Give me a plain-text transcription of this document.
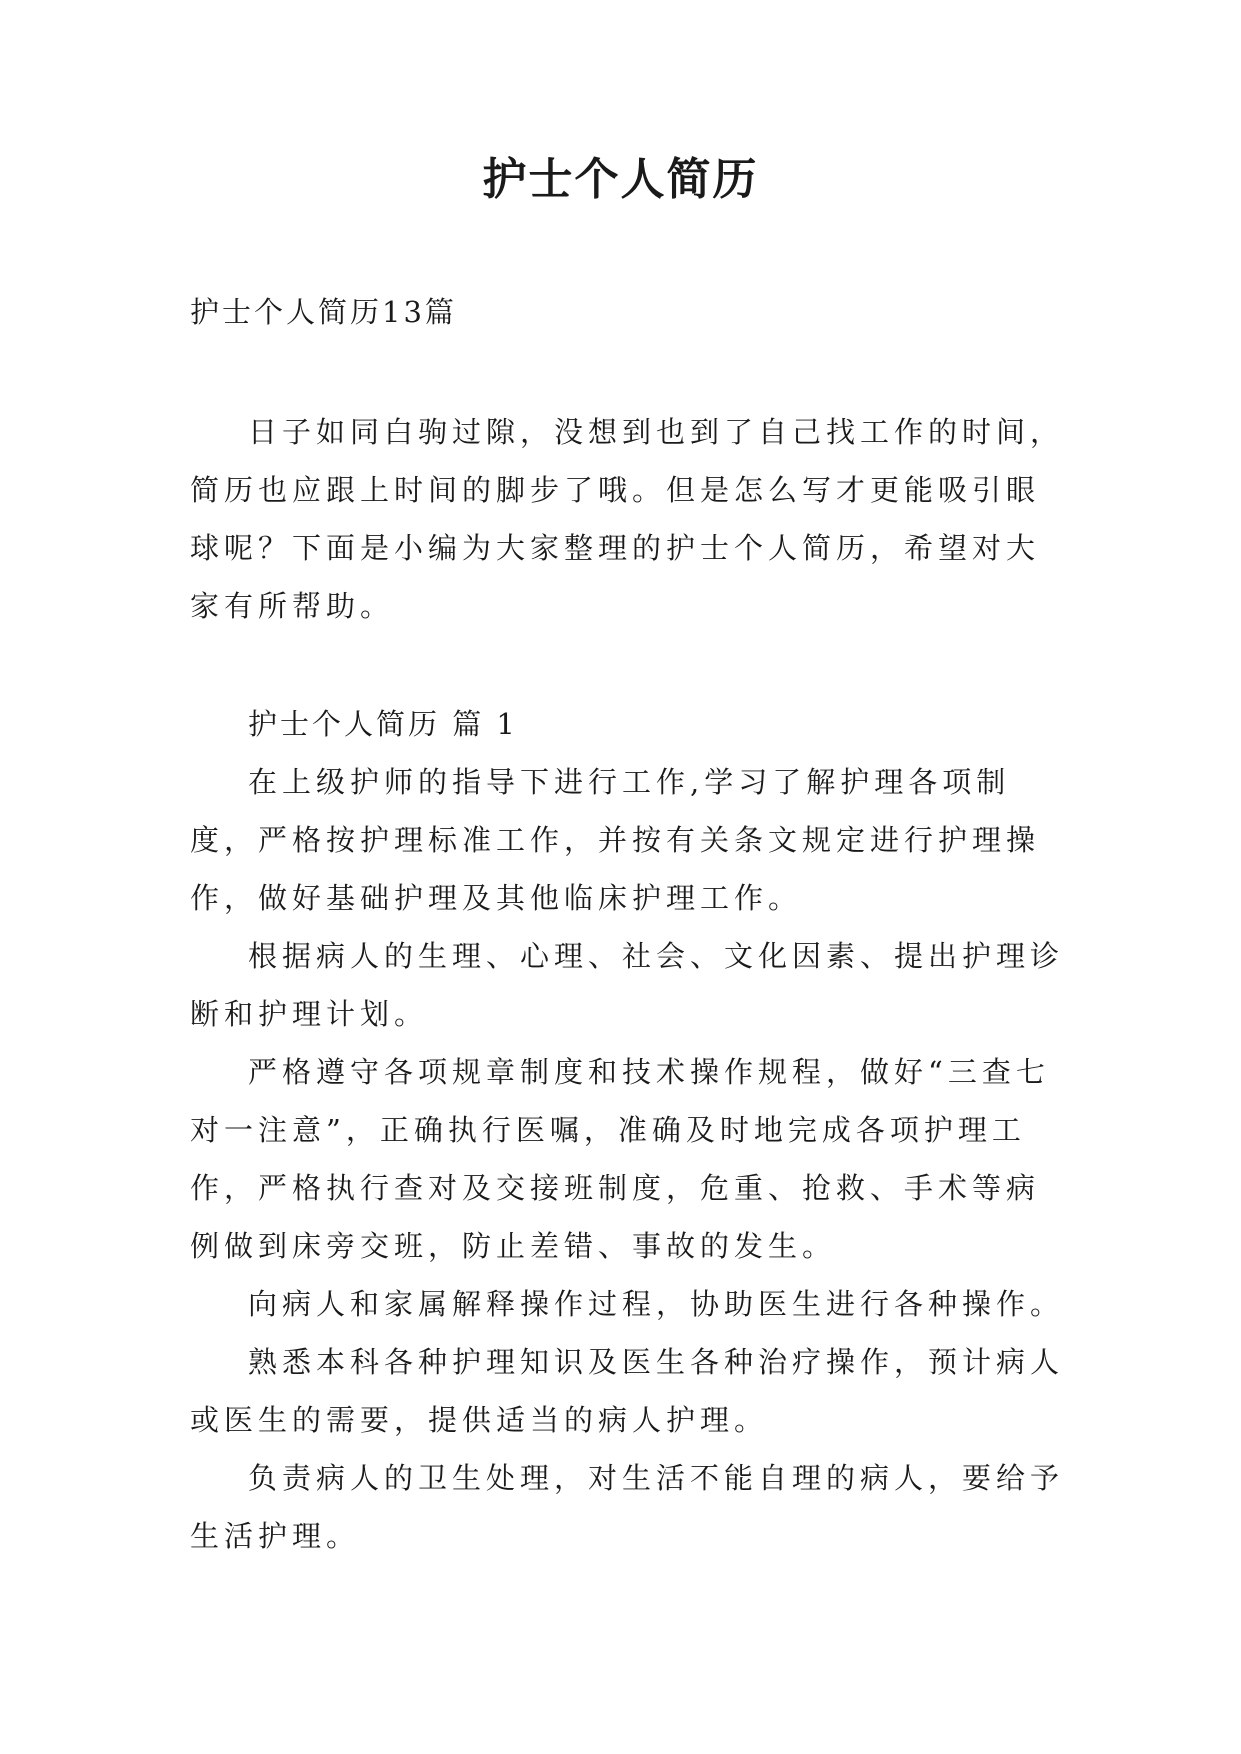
护士个人简历
护士个人简历13篇

日子如同白驹过隙，没想到也到了自己找工作的时间，简历也应跟上时间的脚步了哦。但是怎么写才更能吸引眼球呢？下面是小编为大家整理的护士个人简历，希望对大家有所帮助。

护士个人简历 篇 1

在上级护师的指导下进行工作,学习了解护理各项制度，严格按护理标准工作，并按有关条文规定进行护理操作，做好基础护理及其他临床护理工作。

根据病人的生理、心理、社会、文化因素、提出护理诊断和护理计划。

严格遵守各项规章制度和技术操作规程，做好“三查七对一注意”，正确执行医嘱，准确及时地完成各项护理工作，严格执行查对及交接班制度，危重、抢救、手术等病例做到床旁交班，防止差错、事故的发生。

向病人和家属解释操作过程，协助医生进行各种操作。

熟悉本科各种护理知识及医生各种治疗操作，预计病人或医生的需要，提供适当的病人护理。

负责病人的卫生处理，对生活不能自理的病人，要给予生活护理。
